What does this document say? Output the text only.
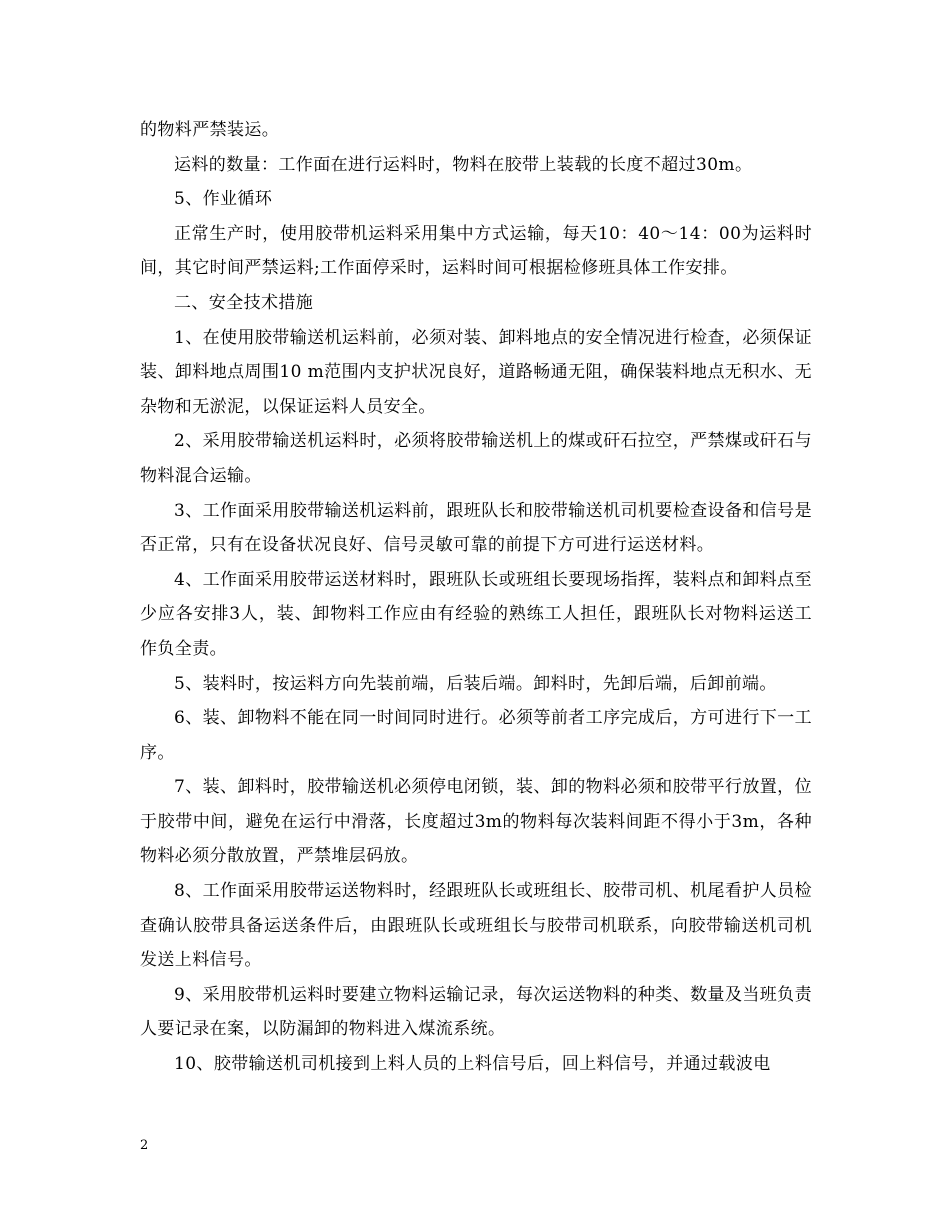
的物料严禁装运。

运料的数量：工作面在进行运料时，物料在胶带上装载的长度不超过30m。

5、作业循环

正常生产时，使用胶带机运料采用集中方式运输，每天10：40～14：00为运料时间，其它时间严禁运料;工作面停采时，运料时间可根据检修班具体工作安排。

二、安全技术措施

1、在使用胶带输送机运料前，必须对装、卸料地点的安全情况进行检查，必须保证装、卸料地点周围10 m范围内支护状况良好，道路畅通无阻，确保装料地点无积水、无杂物和无淤泥，以保证运料人员安全。

2、采用胶带输送机运料时，必须将胶带输送机上的煤或矸石拉空，严禁煤或矸石与物料混合运输。

3、工作面采用胶带输送机运料前，跟班队长和胶带输送机司机要检查设备和信号是否正常，只有在设备状况良好、信号灵敏可靠的前提下方可进行运送材料。

4、工作面采用胶带运送材料时，跟班队长或班组长要现场指挥，装料点和卸料点至少应各安排3人，装、卸物料工作应由有经验的熟练工人担任，跟班队长对物料运送工作负全责。

5、装料时，按运料方向先装前端，后装后端。卸料时，先卸后端，后卸前端。

6、装、卸物料不能在同一时间同时进行。必须等前者工序完成后，方可进行下一工序。

7、装、卸料时，胶带输送机必须停电闭锁，装、卸的物料必须和胶带平行放置，位于胶带中间，避免在运行中滑落，长度超过3m的物料每次装料间距不得小于3m，各种物料必须分散放置，严禁堆层码放。

8、工作面采用胶带运送物料时，经跟班队长或班组长、胶带司机、机尾看护人员检查确认胶带具备运送条件后，由跟班队长或班组长与胶带司机联系，向胶带输送机司机发送上料信号。

9、采用胶带机运料时要建立物料运输记录，每次运送物料的种类、数量及当班负责人要记录在案，以防漏卸的物料进入煤流系统。

10、胶带输送机司机接到上料人员的上料信号后，回上料信号，并通过载波电

2
